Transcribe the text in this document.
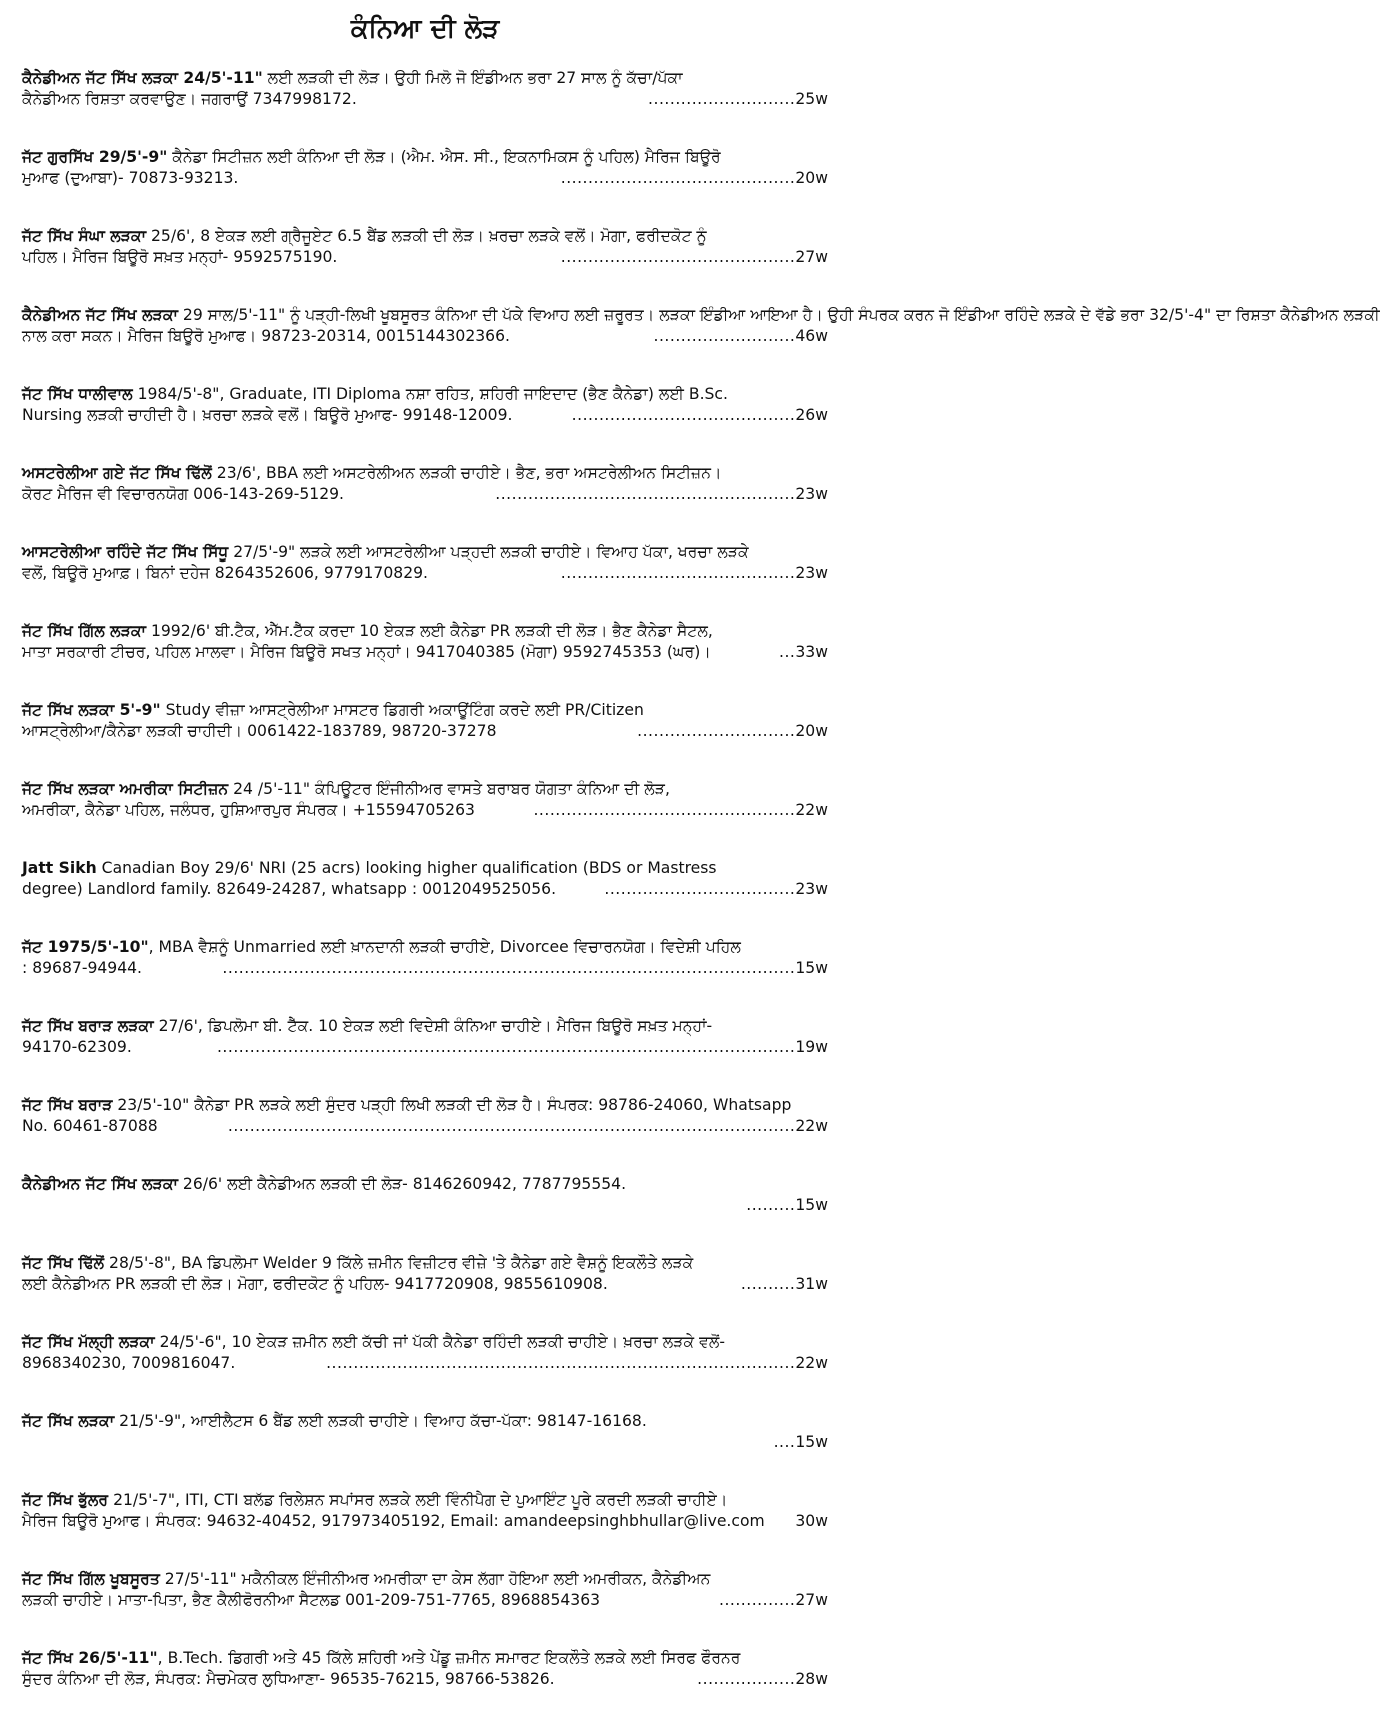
ਕੰਨਿਆ ਦੀ ਲੋੜ
ਕੈਨੇਡੀਅਨ ਜੱਟ ਸਿੱਖ ਲੜਕਾ 24/5'-11" ਲਈ ਲੜਕੀ ਦੀ ਲੋੜ। ਉਹੀ ਮਿਲੋ ਜੋ ਇੰਡੀਅਨ ਭਰਾ 27 ਸਾਲ ਨੂੰ ਕੱਚਾ/ਪੱਕਾ
ਕੈਨੇਡੀਅਨ ਰਿਸ਼ਤਾ ਕਰਵਾਉਣ। ਜਗਰਾਉਂ 7347998172.	........................... 25w
ਜੱਟ ਗੁਰਸਿੱਖ 29/5'-9" ਕੈਨੇਡਾ ਸਿਟੀਜ਼ਨ ਲਈ ਕੰਨਿਆ ਦੀ ਲੋੜ। (ਐਮ. ਐਸ. ਸੀ., ਇਕਨਾਮਿਕਸ ਨੂੰ ਪਹਿਲ) ਮੈਰਿਜ ਬਿਊਰੋ
ਮੁਆਫ (ਦੁਆਬਾ)- 70873-93213.	........................................... 20w
ਜੱਟ ਸਿੱਖ ਸੰਘਾ ਲੜਕਾ 25/6', 8 ਏਕੜ ਲਈ ਗ੍ਰੈਜੂਏਟ 6.5 ਬੈਂਡ ਲੜਕੀ ਦੀ ਲੋੜ। ਖ਼ਰਚਾ ਲੜਕੇ ਵਲੋਂ। ਮੋਗਾ, ਫਰੀਦਕੋਟ ਨੂੰ
ਪਹਿਲ। ਮੈਰਿਜ ਬਿਊਰੋ ਸਖ਼ਤ ਮਨ੍ਹਾਂ- 9592575190.	........................................... 27w
ਕੈਨੇਡੀਅਨ ਜੱਟ ਸਿੱਖ ਲੜਕਾ 29 ਸਾਲ/5'-11" ਨੂੰ ਪੜ੍ਹੀ-ਲਿਖੀ ਖੂਬਸੂਰਤ ਕੰਨਿਆ ਦੀ ਪੱਕੇ ਵਿਆਹ ਲਈ ਜ਼ਰੂਰਤ। ਲੜਕਾ ਇੰਡੀਆ ਆਇਆ ਹੈ। ਉਹੀ ਸੰਪਰਕ ਕਰਨ ਜੋ ਇੰਡੀਆ ਰਹਿੰਦੇ ਲੜਕੇ ਦੇ ਵੱਡੇ ਭਰਾ 32/5'-4" ਦਾ ਰਿਸ਼ਤਾ ਕੈਨੇਡੀਅਨ ਲੜਕੀ
ਨਾਲ ਕਰਾ ਸਕਨ। ਮੈਰਿਜ ਬਿਊਰੋ ਮੁਆਫ। 98723-20314, 0015144302366.	.......................... 46w
ਜੱਟ ਸਿੱਖ ਧਾਲੀਵਾਲ 1984/5'-8", Graduate, ITI Diploma ਨਸ਼ਾ ਰਹਿਤ, ਸ਼ਹਿਰੀ ਜਾਇਦਾਦ (ਭੈਣ ਕੈਨੇਡਾ) ਲਈ B.Sc.
Nursing ਲੜਕੀ ਚਾਹੀਦੀ ਹੈ। ਖ਼ਰਚਾ ਲੜਕੇ ਵਲੋਂ। ਬਿਊਰੋ ਮੁਆਫ- 99148-12009.	......................................... 26w
ਅਸਟਰੇਲੀਆ ਗਏ ਜੱਟ ਸਿੱਖ ਢਿੱਲੋਂ 23/6', BBA ਲਈ ਅਸਟਰੇਲੀਅਨ ਲੜਕੀ ਚਾਹੀਏ। ਭੈਣ, ਭਰਾ ਅਸਟਰੇਲੀਅਨ ਸਿਟੀਜ਼ਨ।
ਕੋਰਟ ਮੈਰਿਜ ਵੀ ਵਿਚਾਰਨਯੋਗ 006-143-269-5129.	....................................................... 23w
ਆਸਟਰੇਲੀਆ ਰਹਿੰਦੇ ਜੱਟ ਸਿੱਖ ਸਿੱਧੂ 27/5'-9" ਲੜਕੇ ਲਈ ਆਸਟਰੇਲੀਆ ਪੜ੍ਹਦੀ ਲੜਕੀ ਚਾਹੀਏ। ਵਿਆਹ ਪੱਕਾ, ਖਰਚਾ ਲੜਕੇ
ਵਲੋਂ, ਬਿਊਰੋ ਮੁਆਫ਼। ਬਿਨਾਂ ਦਹੇਜ 8264352606, 9779170829.	........................................... 23w
ਜੱਟ ਸਿੱਖ ਗਿੱਲ ਲੜਕਾ 1992/6' ਬੀ.ਟੈਕ, ਐੱਮ.ਟੈੱਕ ਕਰਦਾ 10 ਏਕੜ ਲਈ ਕੈਨੇਡਾ PR ਲੜਕੀ ਦੀ ਲੋੜ। ਭੈਣ ਕੈਨੇਡਾ ਸੈਟਲ,
ਮਾਤਾ ਸਰਕਾਰੀ ਟੀਚਰ, ਪਹਿਲ ਮਾਲਵਾ। ਮੈਰਿਜ ਬਿਊਰੋ ਸਖਤ ਮਨ੍ਹਾਂ। 9417040385 (ਮੋਗਾ) 9592745353 (ਘਰ)।	... 33w
ਜੱਟ ਸਿੱਖ ਲੜਕਾ 5'-9" Study ਵੀਜ਼ਾ ਆਸਟ੍ਰੇਲੀਆ ਮਾਸਟਰ ਡਿਗਰੀ ਅਕਾਊਂਟਿੰਗ ਕਰਦੇ ਲਈ PR/Citizen
ਆਸਟ੍ਰੇਲੀਆ/ਕੈਨੇਡਾ ਲੜਕੀ ਚਾਹੀਦੀ। 0061422-183789, 98720-37278	............................. 20w
ਜੱਟ ਸਿੱਖ ਲੜਕਾ ਅਮਰੀਕਾ ਸਿਟੀਜ਼ਨ 24 /5'-11" ਕੰਪਿਊਟਰ ਇੰਜੀਨੀਅਰ ਵਾਸਤੇ ਬਰਾਬਰ ਯੋਗਤਾ ਕੰਨਿਆ ਦੀ ਲੋੜ,
ਅਮਰੀਕਾ, ਕੈਨੇਡਾ ਪਹਿਲ, ਜਲੰਧਰ, ਹੁਸ਼ਿਆਰਪੁਰ ਸੰਪਰਕ। +15594705263	................................................ 22w
Jatt Sikh Canadian Boy 29/6' NRI (25 acrs) looking higher qualification (BDS or Mastress
degree) Landlord family. 82649-24287, whatsapp : 0012049525056.	................................... 23w
ਜੱਟ 1975/5'-10", MBA ਵੈਸ਼ਨੂੰ Unmarried ਲਈ ਖ਼ਾਨਦਾਨੀ ਲੜਕੀ ਚਾਹੀਏ, Divorcee ਵਿਚਾਰਨਯੋਗ। ਵਿਦੇਸ਼ੀ ਪਹਿਲ
: 89687-94944.	......................................................................................................... 15w
ਜੱਟ ਸਿੱਖ ਬਰਾੜ ਲੜਕਾ 27/6', ਡਿਪਲੋਮਾ ਬੀ. ਟੈੱਕ. 10 ਏਕੜ ਲਈ ਵਿਦੇਸ਼ੀ ਕੰਨਿਆ ਚਾਹੀਏ। ਮੈਰਿਜ ਬਿਊਰੋ ਸਖ਼ਤ ਮਨ੍ਹਾਂ-
94170-62309.	.......................................................................................................... 19w
ਜੱਟ ਸਿੱਖ ਬਰਾੜ 23/5'-10" ਕੈਨੇਡਾ PR ਲੜਕੇ ਲਈ ਸੁੰਦਰ ਪੜ੍ਹੀ ਲਿਖੀ ਲੜਕੀ ਦੀ ਲੋੜ ਹੈ। ਸੰਪਰਕ: 98786-24060, Whatsapp
No. 60461-87088	........................................................................................................ 22w
ਕੈਨੇਡੀਅਨ ਜੱਟ ਸਿੱਖ ਲੜਕਾ 26/6' ਲਈ ਕੈਨੇਡੀਅਨ ਲੜਕੀ ਦੀ ਲੋੜ- 8146260942, 7787795554.
......... 15w
ਜੱਟ ਸਿੱਖ ਢਿੱਲੋਂ 28/5'-8", BA ਡਿਪਲੋਮਾ Welder 9 ਕਿੱਲੇ ਜ਼ਮੀਨ ਵਿਜ਼ੀਟਰ ਵੀਜ਼ੇ 'ਤੇ ਕੈਨੇਡਾ ਗਏ ਵੈਸ਼ਨੂੰ ਇਕਲੌਤੇ ਲੜਕੇ
ਲਈ ਕੈਨੇਡੀਅਨ PR ਲੜਕੀ ਦੀ ਲੋੜ। ਮੋਗਾ, ਫਰੀਦਕੋਟ ਨੂੰ ਪਹਿਲ- 9417720908, 9855610908.	.......... 31w
ਜੱਟ ਸਿੱਖ ਮੱਲ੍ਹੀ ਲੜਕਾ 24/5'-6", 10 ਏਕੜ ਜ਼ਮੀਨ ਲਈ ਕੱਚੀ ਜਾਂ ਪੱਕੀ ਕੈਨੇਡਾ ਰਹਿੰਦੀ ਲੜਕੀ ਚਾਹੀਏ। ਖ਼ਰਚਾ ਲੜਕੇ ਵਲੋਂ-
8968340230, 7009816047.	...................................................................................... 22w
ਜੱਟ ਸਿੱਖ ਲੜਕਾ 21/5'-9", ਆਈਲੈਟਸ 6 ਬੈਂਡ ਲਈ ਲੜਕੀ ਚਾਹੀਏ। ਵਿਆਹ ਕੱਚਾ-ਪੱਕਾ: 98147-16168.
.... 15w
ਜੱਟ ਸਿੱਖ ਭੁੱਲਰ 21/5'-7", ITI, CTI ਬਲੱਡ ਰਿਲੇਸ਼ਨ ਸਪਾਂਸਰ ਲੜਕੇ ਲਈ ਵਿੰਨੀਪੈਗ ਦੇ ਪੁਆਇੰਟ ਪੂਰੇ ਕਰਦੀ ਲੜਕੀ ਚਾਹੀਏ।
ਮੈਰਿਜ ਬਿਊਰੋ ਮੁਆਫ। ਸੰਪਰਕ: 94632-40452, 917973405192, Email: amandeepsinghbhullar@live.com	30w
ਜੱਟ ਸਿੱਖ ਗਿੱਲ ਖੂਬਸੂਰਤ 27/5'-11" ਮਕੈਨੀਕਲ ਇੰਜੀਨੀਅਰ ਅਮਰੀਕਾ ਦਾ ਕੇਸ ਲੱਗਾ ਹੋਇਆ ਲਈ ਅਮਰੀਕਨ, ਕੈਨੇਡੀਅਨ
ਲੜਕੀ ਚਾਹੀਏ। ਮਾਤਾ-ਪਿਤਾ, ਭੈਣ ਕੈਲੀਫੋਰਨੀਆ ਸੈਟਲਡ 001-209-751-7765, 8968854363	.............. 27w
ਜੱਟ ਸਿੱਖ 26/5'-11", B.Tech. ਡਿਗਰੀ ਅਤੇ 45 ਕਿੱਲੇ ਸ਼ਹਿਰੀ ਅਤੇ ਪੇਂਡੂ ਜ਼ਮੀਨ ਸਮਾਰਟ ਇਕਲੌਤੇ ਲੜਕੇ ਲਈ ਸਿਰਫ ਫੌਰਨਰ
ਸੁੰਦਰ ਕੰਨਿਆ ਦੀ ਲੋੜ, ਸੰਪਰਕ: ਮੈਚਮੇਕਰ ਲੁਧਿਆਣਾ- 96535-76215, 98766-53826.	.................. 28w
